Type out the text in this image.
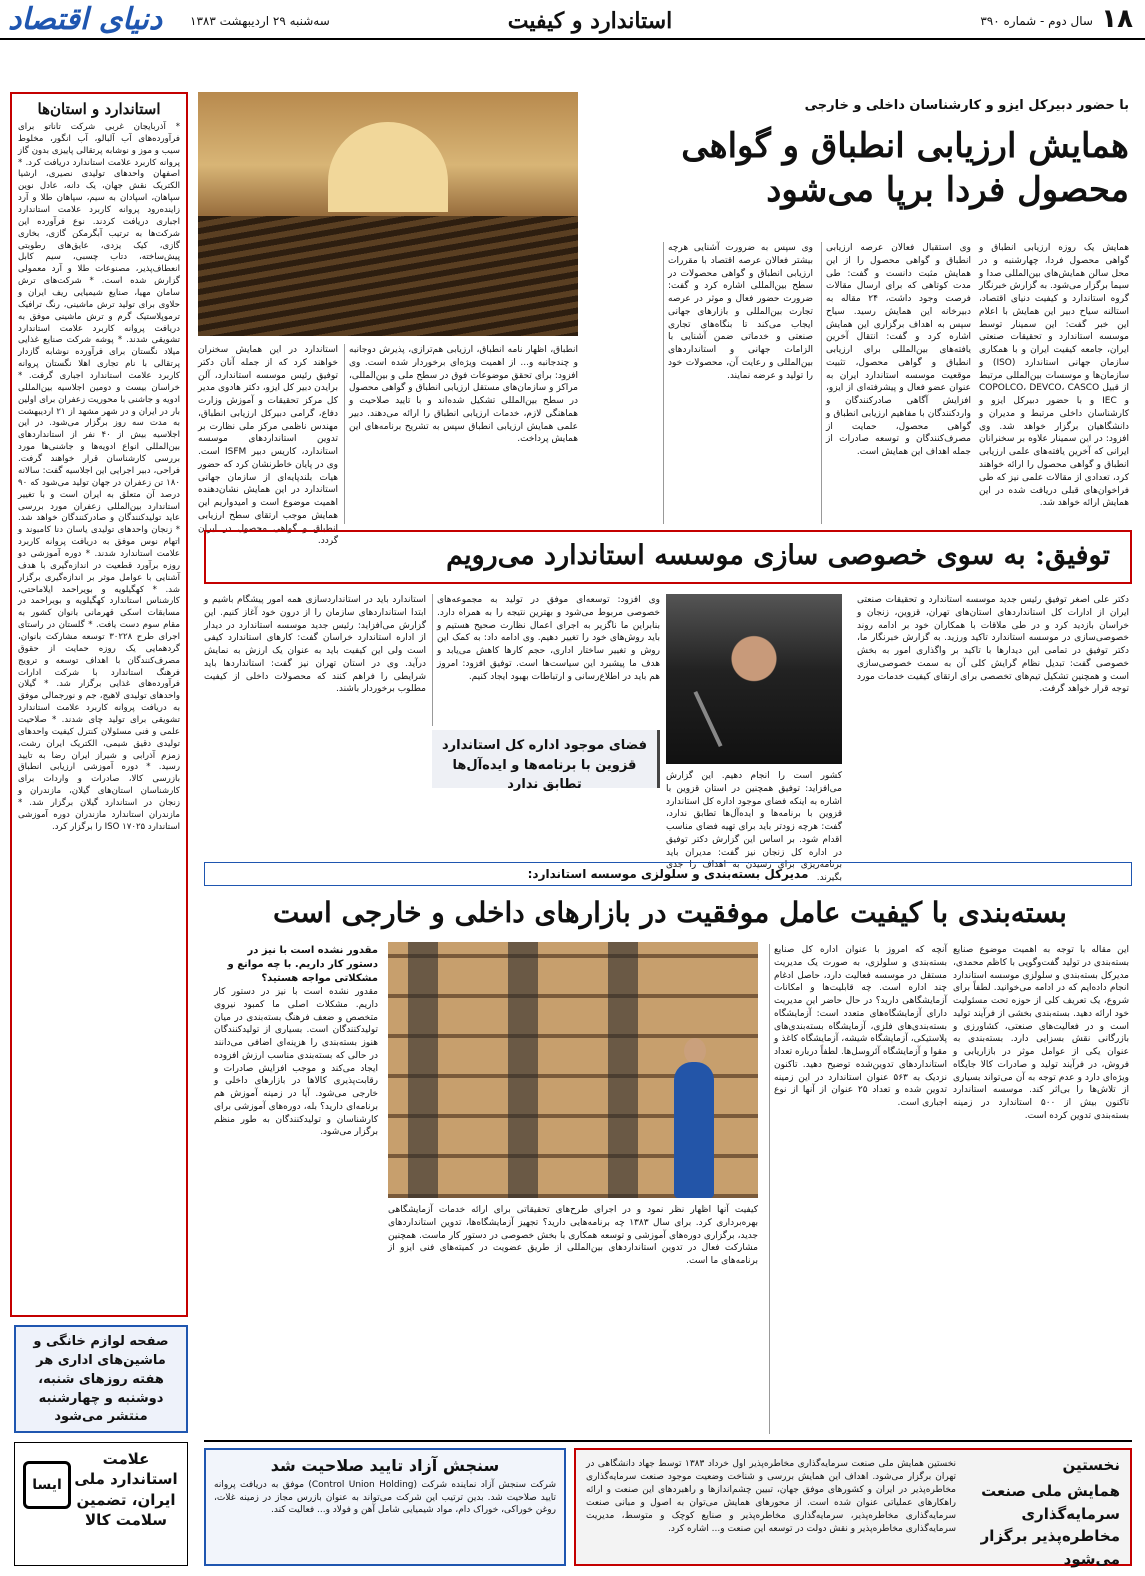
۱۸
سال دوم - شماره ۳۹۰
استاندارد و کیفیت
سه‌شنبه ۲۹ اردیبهشت ۱۳۸۳
دنیای اقتصاد
استاندارد و استان‌ها

* آذربایجان غربی شرکت تاناتو برای فرآورده‌های آب آلبالو، آب انگور، مخلوط سیب و موز و نوشابه پرتقالی پاییزی بدون گاز پروانه کاربرد علامت استاندارد دریافت کرد. * اصفهان واحدهای تولیدی نصیری، ارشیا الکتریک نقش جهان، یک دانه، عادل نوین سپاهان، اسپادان به سیم، سپاهان طلا و آرد زاینده‌رود پروانه کاربرد علامت استاندارد اجباری دریافت کردند. نوع فرآورده این شرکت‌ها به ترتیب آبگرمکن گازی، بخاری گازی، کیک یزدی، عایق‌های رطوبتی پیش‌ساخته، دتاب چسبی، سیم کابل انعطاف‌پذیر، مصنوعات طلا و آرد معمولی گزارش شده است. * شرکت‌های ترش سامان مهیا، صنایع شیمیایی ریف ایران و حلاوی برای تولید ترش ماشینی، رنگ ترافیک ترموپلاستیک گرم و ترش ماشینی موفق به دریافت پروانه کاربرد علامت استاندارد تشویقی شدند. * پوشه شرکت صنایع غذایی میلاد نگستان برای فرآورده نوشابه گازدار پرتقالی با نام تجاری اهلا نگستان پروانه کاربرد علامت استاندارد اجباری گرفت. * خراسان بیست و دومین اجلاسیه بین‌المللی ادویه و جاشنی با محوریت زعفران برای اولین بار در ایران و در شهر مشهد از ۲۱ اردیبهشت به مدت سه روز برگزار می‌شود. در این اجلاسیه بیش از ۴۰ نفر از استانداردهای بین‌المللی انواع ادویه‌ها و جاشنی‌ها مورد بررسی کارشناسان قرار خواهند گرفت. فراحی، دبیر اجرایی این اجلاسیه گفت: سالانه ۱۸۰ تن زعفران در جهان تولید می‌شود که ۹۰ درصد آن متعلق به ایران است و با تغییر استاندارد بین‌المللی زعفران مورد بررسی عاید تولیدکنندگان و صادرکنندگان خواهد شد. * زنجان واحدهای تولیدی یاسان دنا کامبوند و اتهام نوس موفق به دریافت پروانه کاربرد علامت استاندارد شدند. * دوره آموزشی دو روزه برآورد قطعیت در اندازه‌گیری با هدف آشنایی با عوامل موثر بر اندازه‌گیری برگزار شد. * کهگیلویه و بویراحمد ایلاماحتی، کارشناس استاندارد کهگیلویه و بویراحمد در مسابقات اسکی قهرمانی بانوان کشور به مقام سوم دست یافت. * گلستان در راستای اجرای طرح ۳۰۲۲۸ توسعه مشارکت بانوان، گردهمایی یک روزه حمایت از حقوق مصرف‌کنندگان با اهداف توسعه و ترویج فرهنگ استاندارد با شرکت ادارات فرآورده‌های غذایی برگزار شد. * گیلان واحدهای تولیدی لاهیج، جم و نورجمالی موفق به دریافت پروانه کاربرد علامت استاندارد تشویقی برای تولید چای شدند. * صلاحیت علمی و فنی مسئولان کنترل کیفیت واحدهای تولیدی دقیق شیمی، الکتریک ایران رشت، زمزم آذرابی و شیراز ایران رضا به تایید رسید. * دوره آموزشی ارزیابی انطباق بازرسی کالا، صادرات و واردات برای کارشناسان استان‌های گیلان، مازندران و زنجان در استاندارد گیلان برگزار شد. * مازندران استاندارد مازندران دوره آموزشی استاندارد ISO ۱۷۰۲۵ را برگزار کرد.

صفحه لوازم خانگی و ماشین‌های اداری هر هفته روزهای شنبه، دوشنبه و چهارشنبه منتشر می‌شود
علامت استاندارد ملی ایران، تضمین سلامت کالا
ایسا
با حضور دبیرکل ایزو و کارشناسان داخلی و خارجی
همایش ارزیابی انطباق و گواهی محصول فردا برپا می‌شود
همایش یک روزه ارزیابی انطباق و گواهی محصول فردا، چهارشنبه و در محل سالن همایش‌های بین‌المللی صدا و سیما برگزار می‌شود. به گزارش خبرنگار گروه استاندارد و کیفیت دنیای اقتصاد، استالنه سیاح دبیر این همایش با اعلام این خبر گفت: این سمینار توسط موسسه استاندارد و تحقیقات صنعتی ایران، جامعه کیفیت ایران و با همکاری سازمان جهانی استاندارد (ISO) و سازمان‌ها و موسسات بین‌المللی مرتبط از قبیل COPOLCO، DEVCO، CASCO و IEC و با حضور دبیرکل ایزو و کارشناسان داخلی مرتبط و مدیران و دانشگاهیان برگزار خواهد شد. وی افزود: در این سمینار علاوه بر سخنرانان ایرانی که آخرین یافته‌های علمی ارزیابی انطباق و گواهی محصول را ارائه خواهند کرد، تعدادی از مقالات علمی نیز که طی فراخوان‌های قبلی دریافت شده در این همایش ارائه خواهد شد.
وی استقبال فعالان عرصه ارزیابی انطباق و گواهی محصول را از این همایش مثبت دانست و گفت: طی مدت کوتاهی که برای ارسال مقالات فرصت وجود داشت، ۲۴ مقاله به دبیرخانه این همایش رسید. سیاح سپس به اهداف برگزاری این همایش اشاره کرد و گفت: انتقال آخرین یافته‌های بین‌المللی برای ارزیابی انطباق و گواهی محصول، تثبیت موقعیت موسسه استاندارد ایران به عنوان عضو فعال و پیشرفته‌ای از ایزو، افزایش آگاهی صادرکنندگان و واردکنندگان با مفاهیم ارزیابی انطباق و گواهی محصول، حمایت از مصرف‌کنندگان و توسعه صادرات از جمله اهداف این همایش است.
وی سپس به ضرورت آشنایی هرچه بیشتر فعالان عرصه اقتصاد با مقررات ارزیابی انطباق و گواهی محصولات در سطح بین‌المللی اشاره کرد و گفت: ضرورت حضور فعال و موثر در عرصه تجارت بین‌المللی و بازارهای جهانی ایجاب می‌کند تا بنگاه‌های تجاری صنعتی و خدماتی ضمن آشنایی با الزامات جهانی و استانداردهای بین‌المللی و رعایت آن، محصولات خود را تولید و عرضه نمایند.
انطباق، اظهار نامه انطباق، ارزیابی هم‌ترازی، پذیرش دوجانبه و چندجانبه و... از اهمیت ویژه‌ای برخوردار شده است. وی افزود: برای تحقق موضوعات فوق در سطح ملی و بین‌المللی، مراکز و سازمان‌های مستقل ارزیابی انطباق و گواهی محصول در سطح بین‌المللی تشکیل شده‌اند و با تایید صلاحیت و هماهنگی لازم، خدمات ارزیابی انطباق را ارائه می‌دهند. دبیر علمی همایش ارزیابی انطباق سپس به تشریح برنامه‌های این همایش پرداخت.
استاندارد در این همایش سخنران خواهند کرد که از جمله آنان دکتر توفیق رئیس موسسه استاندارد، آلن برایدن دبیر کل ایزو، دکتر هادوی مدیر کل مرکز تحقیقات و آموزش وزارت دفاع، گرامی دبیرکل ارزیابی انطباق، مهندس ناظمی مرکز ملی نظارت بر تدوین استانداردهای موسسه استاندارد، کاریس دبیر ISFM است. وی در پایان خاطرنشان کرد که حضور هیات بلندپایه‌ای از سازمان جهانی استاندارد در این همایش نشان‌دهنده اهمیت موضوع است و امیدواریم این همایش موجب ارتقای سطح ارزیابی انطباق و گواهی محصول در ایران گردد.	توفیق: به سوی خصوصی سازی موسسه استاندارد می‌رویم
دکتر علی اصغر توفیق رئیس جدید موسسه استاندارد و تحقیقات صنعتی ایران از ادارات کل استانداردهای استان‌های تهران، قزوین، زنجان و خراسان بازدید کرد و در طی ملاقات با همکاران خود بر ادامه روند خصوصی‌سازی در موسسه استاندارد تاکید ورزید. به گزارش خبرنگار ما، دکتر توفیق در تمامی این دیدارها با تاکید بر واگذاری امور به بخش خصوصی گفت: تبدیل نظام گرایش کلی آن به سمت خصوصی‌سازی است و همچنین تشکیل تیم‌های تخصصی برای ارتقای کیفیت خدمات مورد توجه قرار خواهد گرفت.
کشور است را انجام دهیم. این گزارش می‌افزاید: توفیق همچنین در استان قزوین با اشاره به اینکه فضای موجود اداره کل استاندارد قزوین با برنامه‌ها و ایده‌آل‌ها تطابق ندارد، گفت: هرچه زودتر باید برای تهیه فضای مناسب اقدام شود. بر اساس این گزارش دکتر توفیق در اداره کل زنجان نیز گفت: مدیران باید برنامه‌ریزی برای رسیدن به اهداف را جدی بگیرند.
وی افزود: توسعه‌ای موفق در تولید به مجموعه‌های خصوصی مربوط می‌شود و بهترین نتیجه را به همراه دارد. بنابراین ما ناگزیر به اجرای اعمال نظارت صحیح هستیم و باید روش‌های خود را تغییر دهیم. وی ادامه داد: به کمک این روش و تغییر ساختار اداری، حجم کارها کاهش می‌یابد و هدف ما پیشبرد این سیاست‌ها است. توفیق افزود: امروز هم باید در اطلاع‌رسانی و ارتباطات بهبود ایجاد کنیم.
فضای موجود اداره کل استاندارد قزوین با برنامه‌ها و ایده‌آل‌ها تطابق ندارد
استاندارد باید در استانداردسازی همه امور پیشگام باشیم و ابتدا استانداردهای سازمان را از درون خود آغاز کنیم. این گزارش می‌افزاید: رئیس جدید موسسه استاندارد در دیدار از اداره استاندارد خراسان گفت: کارهای استاندارد کیفی است ولی این کیفیت باید به عنوان یک ارزش به نمایش درآید. وی در استان تهران نیز گفت: استانداردها باید شرایطی را فراهم کنند که محصولات داخلی از کیفیت مطلوب برخوردار باشند.
مدیرکل بسته‌بندی و سلولزی موسسه استاندارد:
بسته‌بندی با کیفیت عامل موفقیت در بازارهای داخلی و خارجی است
این مقاله با توجه به اهمیت موضوع صنایع بسته‌بندی در تولید گفت‌وگویی با کاظم محمدی، مدیرکل بسته‌بندی و سلولزی موسسه استاندارد انجام داده‌ایم که در ادامه می‌خوانید. لطفاً برای شروع، یک تعریف کلی از حوزه تحت مسئولیت خود ارائه دهید. بسته‌بندی بخشی از فرآیند تولید است و در فعالیت‌های صنعتی، کشاورزی و بازرگانی نقش بسزایی دارد. بسته‌بندی به عنوان یکی از عوامل موثر در بازاریابی و فروش، در فرآیند تولید و صادرات کالا جایگاه ویژه‌ای دارد و عدم توجه به آن می‌تواند بسیاری از تلاش‌ها را بی‌اثر کند. موسسه استاندارد تاکنون بیش از ۵۰۰ استاندارد در زمینه بسته‌بندی تدوین کرده است.
آنچه که امروز با عنوان اداره کل صنایع بسته‌بندی و سلولزی، به صورت یک مدیریت مستقل در موسسه فعالیت دارد، حاصل ادغام چند اداره است. چه قابلیت‌ها و امکانات آزمایشگاهی دارید؟ در حال حاضر این مدیریت دارای آزمایشگاه‌های متعدد است: آزمایشگاه بسته‌بندی‌های فلزی، آزمایشگاه بسته‌بندی‌های پلاستیکی، آزمایشگاه شیشه، آزمایشگاه کاغذ و مقوا و آزمایشگاه آئروسل‌ها. لطفاً درباره تعداد استانداردهای تدوین‌شده توضیح دهید. تاکنون نزدیک به ۵۶۳ عنوان استاندارد در این زمینه تدوین شده و تعداد ۲۵ عنوان از آنها از نوع اجباری است.
کیفیت آنها اظهار نظر نمود و در اجرای طرح‌های تحقیقاتی برای ارائه خدمات آزمایشگاهی بهره‌برداری کرد. برای سال ۱۳۸۳ چه برنامه‌هایی دارید؟ تجهیز آزمایشگاه‌ها، تدوین استانداردهای جدید، برگزاری دوره‌های آموزشی و توسعه همکاری با بخش خصوصی در دستور کار ماست. همچنین مشارکت فعال در تدوین استانداردهای بین‌المللی از طریق عضویت در کمیته‌های فنی ایزو از برنامه‌های ما است.
مقدور نشده است با نیز در دستور کار داریم. با چه موانع و مشکلاتی مواجه هستید؟
مقدور نشده است با نیز در دستور کار داریم. مشکلات اصلی ما کمبود نیروی متخصص و ضعف فرهنگ بسته‌بندی در میان تولیدکنندگان است. بسیاری از تولیدکنندگان هنوز بسته‌بندی را هزینه‌ای اضافی می‌دانند در حالی که بسته‌بندی مناسب ارزش افزوده ایجاد می‌کند و موجب افزایش صادرات و رقابت‌پذیری کالاها در بازارهای داخلی و خارجی می‌شود. آیا در زمینه آموزش هم برنامه‌ای دارید؟ بله، دوره‌های آموزشی برای کارشناسان و تولیدکنندگان به طور منظم برگزار می‌شود.
سنجش آزاد تایید صلاحیت شد

شرکت سنجش آزاد نماینده شرکت (Control Union Holding) موفق به دریافت پروانه تایید صلاحیت شد. بدین ترتیب این شرکت می‌تواند به عنوان بازرس مجاز در زمینه غلات، روغن خوراکی، خوراک دام، مواد شیمیایی شامل آهن و فولاد و... فعالیت کند.

نخستین
همایش ملی صنعت سرمایه‌گذاری مخاطره‌پذیر برگزار می‌شود
نخستین همایش ملی صنعت سرمایه‌گذاری مخاطره‌پذیر اول خرداد ۱۳۸۳ توسط جهاد دانشگاهی در تهران برگزار می‌شود. اهداف این همایش بررسی و شناخت وضعیت موجود صنعت سرمایه‌گذاری مخاطره‌پذیر در ایران و کشورهای موفق جهان، تبیین چشم‌اندازها و راهبردهای این صنعت و ارائه راهکارهای عملیاتی عنوان شده است. از محورهای همایش می‌توان به اصول و مبانی صنعت سرمایه‌گذاری مخاطره‌پذیر، سرمایه‌گذاری مخاطره‌پذیر و صنایع کوچک و متوسط، مدیریت سرمایه‌گذاری مخاطره‌پذیر و نقش دولت در توسعه این صنعت و... اشاره کرد.
